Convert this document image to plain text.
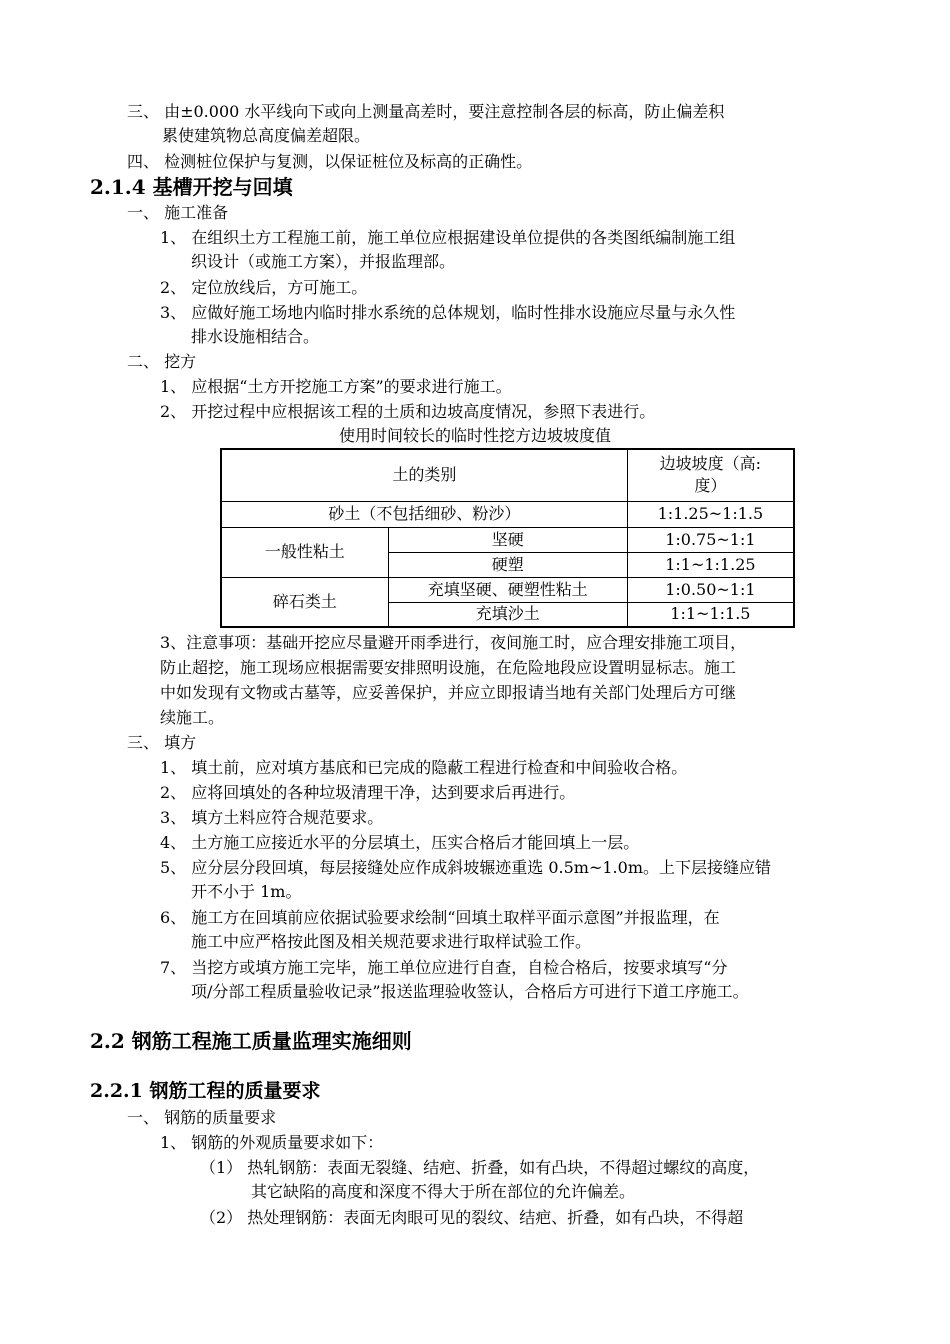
三、 由±0.000 水平线向下或向上测量高差时，要注意控制各层的标高，防止偏差积
累使建筑物总高度偏差超限。
四、 检测桩位保护与复测，以保证桩位及标高的正确性。
2.1.4 基槽开挖与回填
一、 施工准备
1、 在组织土方工程施工前，施工单位应根据建设单位提供的各类图纸编制施工组
织设计（或施工方案），并报监理部。
2、 定位放线后，方可施工。
3、 应做好施工场地内临时排水系统的总体规划，临时性排水设施应尽量与永久性
排水设施相结合。
二、 挖方
1、 应根据“土方开挖施工方案”的要求进行施工。
2、 开挖过程中应根据该工程的土质和边坡高度情况，参照下表进行。
使用时间较长的临时性挖方边坡坡度值
土的类别		边坡坡度（高:
度）

砂土（不包括细砂、粉沙）		1:1.25~1:1.5
一般性粘土	坚硬	1:0.75~1:1
	硬塑	1:1~1:1.25
碎石类土	充填坚硬、硬塑性粘土	1:0.50~1:1
	充填沙土	1:1~1:1.5
3、注意事项：基础开挖应尽量避开雨季进行，夜间施工时，应合理安排施工项目，
防止超挖，施工现场应根据需要安排照明设施，在危险地段应设置明显标志。施工
中如发现有文物或古墓等，应妥善保护，并应立即报请当地有关部门处理后方可继
续施工。
三、 填方
1、 填土前，应对填方基底和已完成的隐蔽工程进行检查和中间验收合格。
2、 应将回填处的各种垃圾清理干净，达到要求后再进行。
3、 填方土料应符合规范要求。
4、 土方施工应接近水平的分层填土，压实合格后才能回填上一层。
5、 应分层分段回填，每层接缝处应作成斜坡辗迹重选 0.5m~1.0m。上下层接缝应错
开不小于 1m。
6、 施工方在回填前应依据试验要求绘制“回填土取样平面示意图”并报监理，在
施工中应严格按此图及相关规范要求进行取样试验工作。
7、 当挖方或填方施工完毕，施工单位应进行自查，自检合格后，按要求填写“分
项/分部工程质量验收记录”报送监理验收签认，合格后方可进行下道工序施工。
2.2 钢筋工程施工质量监理实施细则
2.2.1 钢筋工程的质量要求
一、 钢筋的质量要求
1、 钢筋的外观质量要求如下：
（1） 热轧钢筋：表面无裂缝、结疤、折叠，如有凸块，不得超过螺纹的高度，
其它缺陷的高度和深度不得大于所在部位的允许偏差。
（2） 热处理钢筋：表面无肉眼可见的裂纹、结疤、折叠，如有凸块，不得超
